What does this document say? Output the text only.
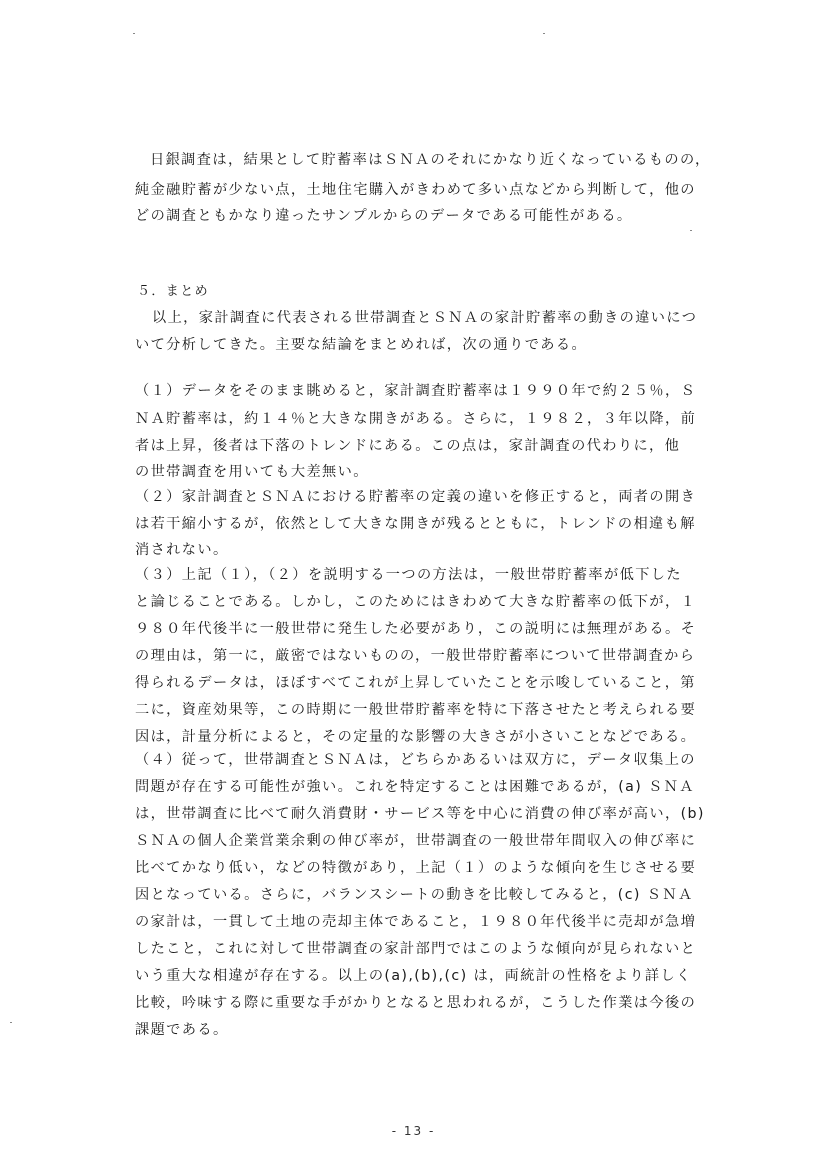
日銀調査は，結果として貯蓄率はＳＮＡのそれにかなり近くなっているものの，
純金融貯蓄が少ない点，土地住宅購入がきわめて多い点などから判断して，他の
どの調査ともかなり違ったサンプルからのデータである可能性がある。
５．まとめ
以上，家計調査に代表される世帯調査とＳＮＡの家計貯蓄率の動きの違いにつ
いて分析してきた。主要な結論をまとめれば，次の通りである。
（１）データをそのまま眺めると，家計調査貯蓄率は１９９０年で約２５％，Ｓ
ＮＡ貯蓄率は，約１４％と大きな開きがある。さらに，１９８２，３年以降，前
者は上昇，後者は下落のトレンドにある。この点は，家計調査の代わりに，他
の世帯調査を用いても大差無い。
（２）家計調査とＳＮＡにおける貯蓄率の定義の違いを修正すると，両者の開き
は若干縮小するが，依然として大きな開きが残るとともに，トレンドの相違も解
消されない。
（３）上記（１），（２）を説明する一つの方法は，一般世帯貯蓄率が低下した
と論じることである。しかし，このためにはきわめて大きな貯蓄率の低下が，１
９８０年代後半に一般世帯に発生した必要があり，この説明には無理がある。そ
の理由は，第一に，厳密ではないものの，一般世帯貯蓄率について世帯調査から
得られるデータは，ほぼすべてこれが上昇していたことを示唆していること，第
二に，資産効果等，この時期に一般世帯貯蓄率を特に下落させたと考えられる要
因は，計量分析によると，その定量的な影響の大きさが小さいことなどである。
（４）従って，世帯調査とＳＮＡは，どちらかあるいは双方に，データ収集上の
問題が存在する可能性が強い。これを特定することは困難であるが，(a) ＳＮＡ
は，世帯調査に比べて耐久消費財・サービス等を中心に消費の伸び率が高い，(b)
ＳＮＡの個人企業営業余剰の伸び率が，世帯調査の一般世帯年間収入の伸び率に
比べてかなり低い，などの特徴があり，上記（１）のような傾向を生じさせる要
因となっている。さらに，バランスシートの動きを比較してみると，(c) ＳＮＡ
の家計は，一貫して土地の売却主体であること，１９８０年代後半に売却が急増
したこと，これに対して世帯調査の家計部門ではこのような傾向が見られないと
いう重大な相違が存在する。以上の(a),(b),(c) は，両統計の性格をより詳しく
比較，吟味する際に重要な手がかりとなると思われるが，こうした作業は今後の
課題である。
- 13 -
